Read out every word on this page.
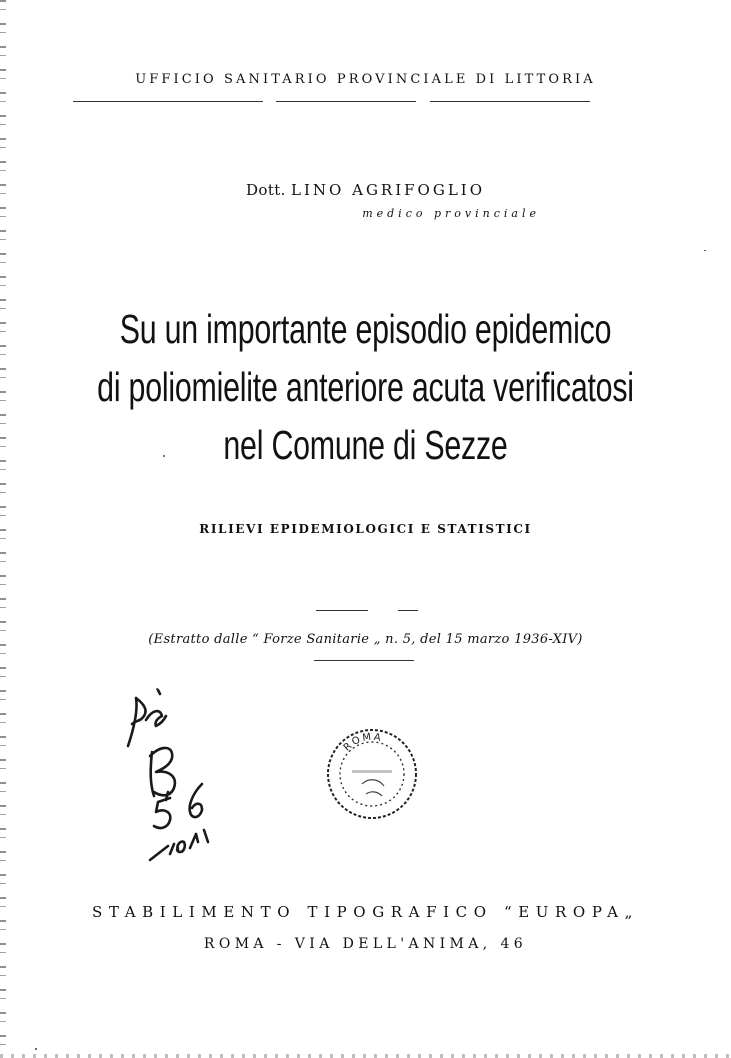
UFFICIO SANITARIO PROVINCIALE DI LITTORIA
Dott. LINO AGRIFOGLIO
medico provinciale
Su un importante episodio epidemico
di poliomielite anteriore acuta verificatosi
nel Comune di Sezze
RILIEVI EPIDEMIOLOGICI E STATISTICI
(Estratto dalle “ Forze Sanitarie „ n. 5, del 15 marzo 1936-XIV)
ROMA
STABILIMENTO TIPOGRAFICO “EUROPA„
ROMA - VIA DELL'ANIMA, 46
